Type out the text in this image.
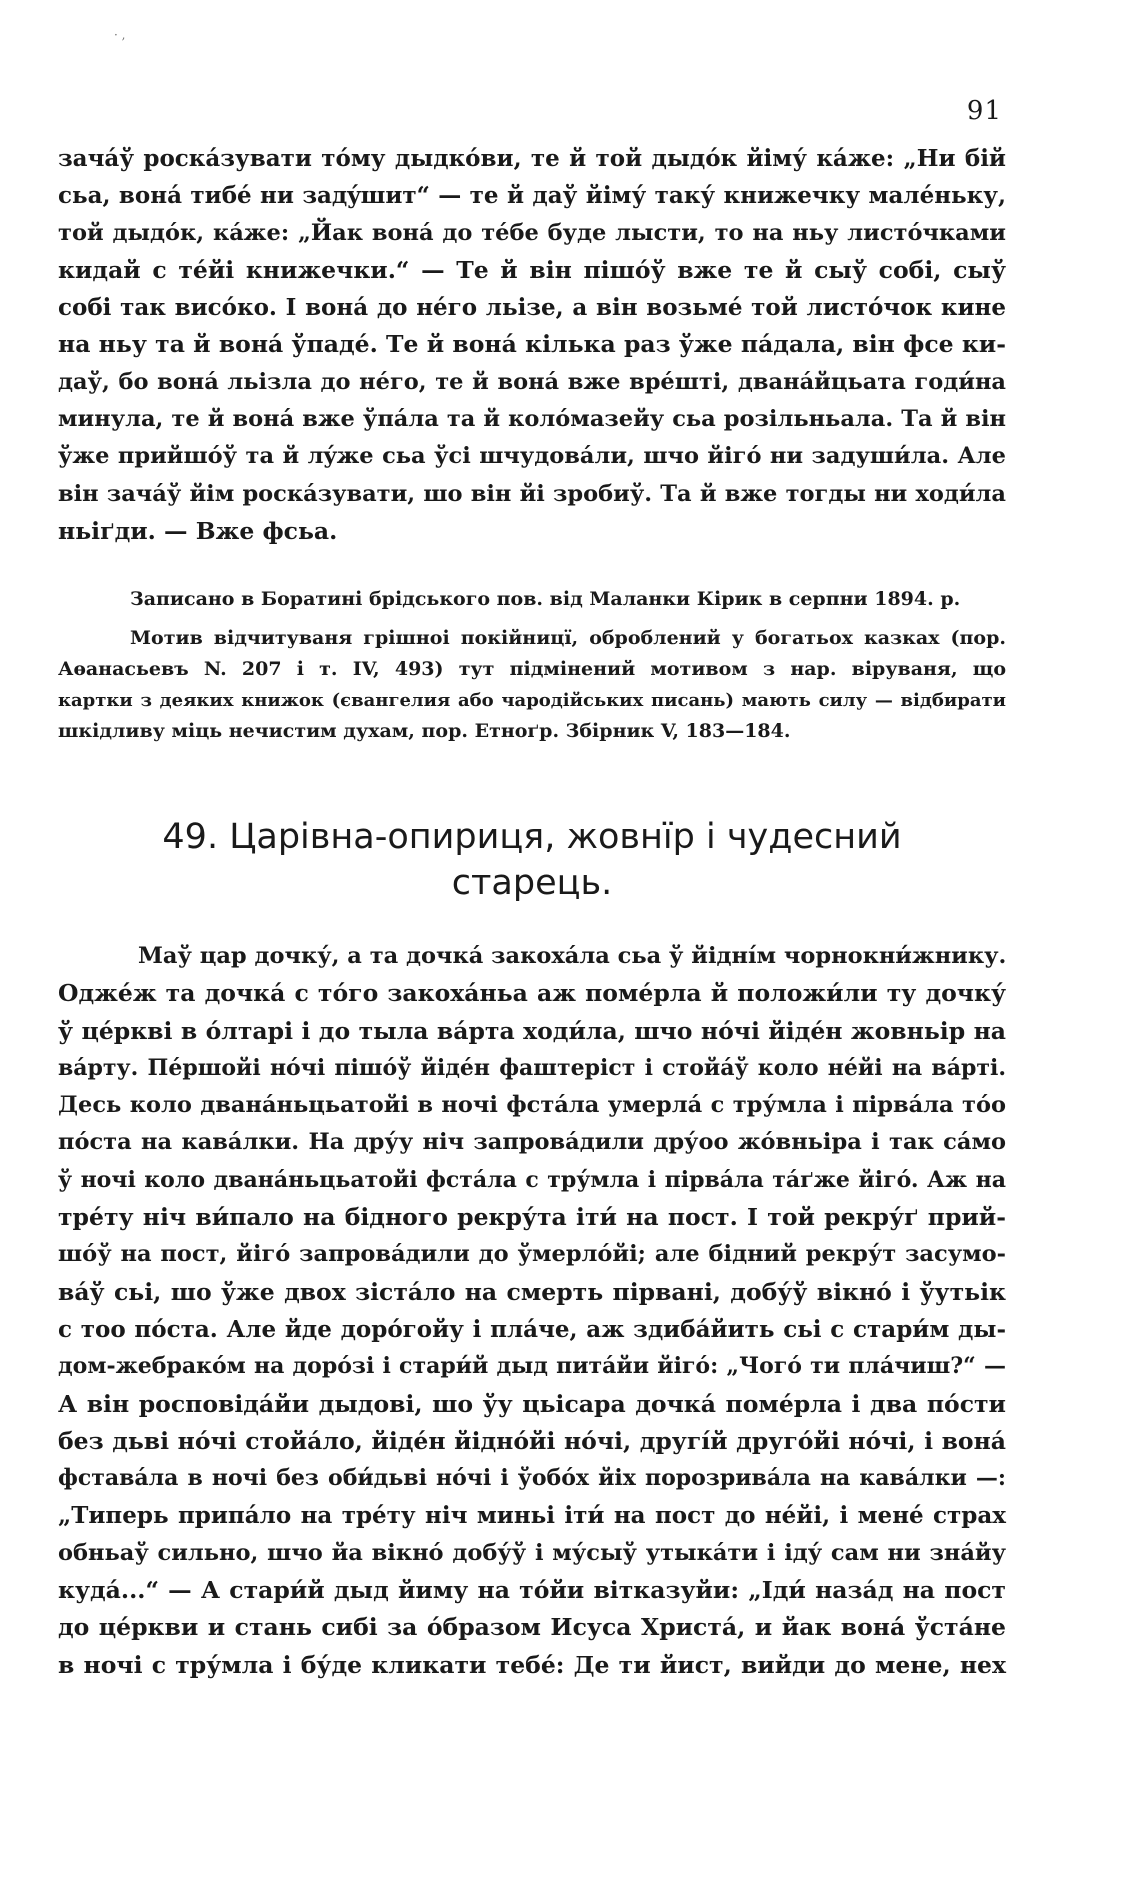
· ,
91
зачáў роскáзувати тóму дыдкóви, те й той дыдóк йіму́ кáже: „Ни бій
сьа, вонá тибé ни задýшит“ — те й даў йіму́ таку́ книжечку мале́ньку,
той дыдóк, кáже: „Йак вонá до тéбе буде лысти, то на ньу листóчками
кидай с тéйі книжечки.“ — Те й він пішóў вже те й сыў собі, сыў
собі так висóко. І вонá до нéго льізе, а він возьмé той листóчок кине
на ньу та й вонá ўпадé. Те й вонá кілька раз ўже пáдала, він фсе ки-
даў, бо вонá льізла до нéго, те й вонá вже врéшті, дванáйцьата годи́на
минула, те й вонá вже ўпáла та й колóмазейу сьа розільньала. Та й він
ўже прийшóў та й лýже сьа ўсі шчудовáли, шчо йігó ни задуши́ла. Але
він зачáў йім роскáзувати, шо він йі зробиў. Та й вже тогды ни ходи́ла
ньіґди. — Вже фсьа.
Записано в Боратині брідського пов. від Маланки Кірик в серпни 1894. р.
Мотив відчитуваня грішноі покійницї, оброблений у богатьох казках (пор.
Аѳанасьевъ N. 207 і т. IV, 493) тут підмінений мотивом з нар. віруваня, що
картки з деяких книжок (євангелия або чародійських писань) мають силу — відбирати
шкідливу міць нечистим духам, пор. Етноґр. Збірник V, 183—184.
49. Царівна-опириця, жовнїр і чудесний
старець.
Маў цар дочку́, а та дочкá закохáла сьа ў йідні́м чорнокни́жнику.
Оджéж та дочкá с тóго закохáньа аж помéрла й положи́ли ту дочку́
ў цéркві в óлтарі і до тыла вáрта ходи́ла, шчо нóчі йідéн жовньір на
вáрту. Пéршойі нóчі пішóў йідéн фаштеріст і стойáў коло нéйі на вáрті.
Десь коло дванáньцьатойі в ночі фстáла умерлá с тру́мла і пірвáла тóо
пóста на кавáлки. На дру́у ніч запровáдили дру́оо жóвньіра і так сáмо
ў ночі коло дванáньцьатойі фстáла с тру́мла і пірвáла тáґже йігó. Аж на
трéту ніч ви́пало на бідного рекру́та іти́ на пост. І той рекру́ґ прий-
шóў на пост, йігó запровáдили до ўмерлóйі; але бідний рекру́т засумо-
вáў сьі, шо ўже двох зістáло на смерть пірвані, добу́ў вікнó і ўутьік
с тоо пóста. Але йде дорóгойу і плáче, аж здибáйить сьі с стари́м ды-
дом-жебракóм на дорóзі і стари́й дыд питáйи йігó: „Чогó ти плáчиш?“ —
А він росповідáйи дыдові, шо ўу цьісара дочкá помéрла і два пóсти
без дьві нóчі стойáло, йідéн йіднóйі нóчі, другі́й другóйі нóчі, і вонá
фставáла в ночі без оби́дьві нóчі і ўобóх йіх порозривáла на кавáлки —:
„Типерь припáло на трéту ніч миньі іти́ на пост до нéйі, і мене́ страх
обньаў сильно, шчо йа вікнó добу́ў і му́сыў утыкáти і іду́ сам ни знáйу
кудá...“ — А стари́й дыд йиму на тóйи вітказуйи: „Іди́ назáд на пост
до цéркви и стань сибі за óбразом Исуса Христá, и йак вонá ўстáне
в ночі с тру́мла і бу́де кликати тебé: Де ти йист, вийди до мене, нех
